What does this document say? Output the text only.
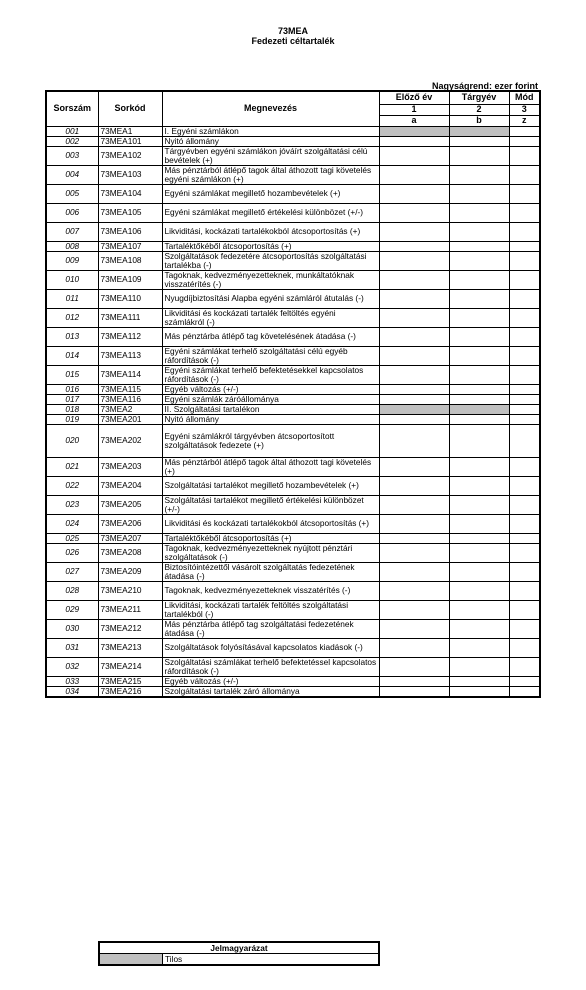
73MEA
Fedezeti céltartalék
Nagyságrend: ezer forint
Sorszám	Sorkód	Megnevezés	Előző év	Tárgyév	Mód
			1	2	3
			a	b	z
001	73MEA1	I. Egyéni számlákon			
002	73MEA101	Nyitó állomány			
003	73MEA102	Tárgyévben egyéni számlákon jóváírt szolgáltatási célú bevételek (+)			
004	73MEA103	Más pénztárból átlépő tagok által áthozott tagi követelés egyéni számlákon (+)			
005	73MEA104	Egyéni számlákat megillető hozambevételek (+)			
006	73MEA105	Egyéni számlákat megillető értékelési különbözet (+/-)			
007	73MEA106	Likviditási, kockázati tartalékokból átcsoportosítás (+)			
008	73MEA107	Tartaléktőkéből átcsoportosítás (+)			
009	73MEA108	Szolgáltatások fedezetére átcsoportosítás szolgáltatási tartalékba (-)			
010	73MEA109	Tagoknak, kedvezményezetteknek, munkáltatóknak visszatérítés (-)			
011	73MEA110	Nyugdíjbiztosítási Alapba egyéni számláról átutalás (-)			
012	73MEA111	Likviditási és kockázati tartalék feltöltés egyéni számlákról (-)			
013	73MEA112	Más pénztárba átlépő tag követelésének átadása (-)			
014	73MEA113	Egyéni számlákat terhelő szolgáltatási célú egyéb ráfordítások (-)			
015	73MEA114	Egyéni számlákat terhelő befektetésekkel kapcsolatos ráfordítások (-)			
016	73MEA115	Egyéb változás (+/-)			
017	73MEA116	Egyéni számlák záróállománya			
018	73MEA2	II. Szolgáltatási tartalékon			
019	73MEA201	Nyitó állomány			
020	73MEA202	Egyéni számlákról tárgyévben átcsoportosított szolgáltatások fedezete (+)			
021	73MEA203	Más pénztárból átlépő tagok által áthozott tagi követelés (+)			
022	73MEA204	Szolgáltatási tartalékot megillető hozambevételek (+)			
023	73MEA205	Szolgáltatási tartalékot megillető értékelési különbözet (+/-)			
024	73MEA206	Likviditási és kockázati tartalékokból átcsoportosítás (+)			
025	73MEA207	Tartaléktőkéből átcsoportosítás (+)			
026	73MEA208	Tagoknak, kedvezményezetteknek nyújtott pénztári szolgáltatások (-)			
027	73MEA209	Biztosítóintézettől vásárolt szolgáltatás fedezetének átadása (-)			
028	73MEA210	Tagoknak, kedvezményezetteknek visszatérítés (-)			
029	73MEA211	Likviditási, kockázati tartalék feltöltés szolgáltatási tartalékból (-)			
030	73MEA212	Más pénztárba átlépő tag szolgáltatási fedezetének átadása (-)			
031	73MEA213	Szolgáltatások folyósításával kapcsolatos kiadások (-)			
032	73MEA214	Szolgáltatási számlákat terhelő befektetéssel kapcsolatos ráfordítások (-)			
033	73MEA215	Egyéb változás (+/-)			
034	73MEA216	Szolgáltatási tartalék záró állománya			
Jelmagyarázat
	Tilos
